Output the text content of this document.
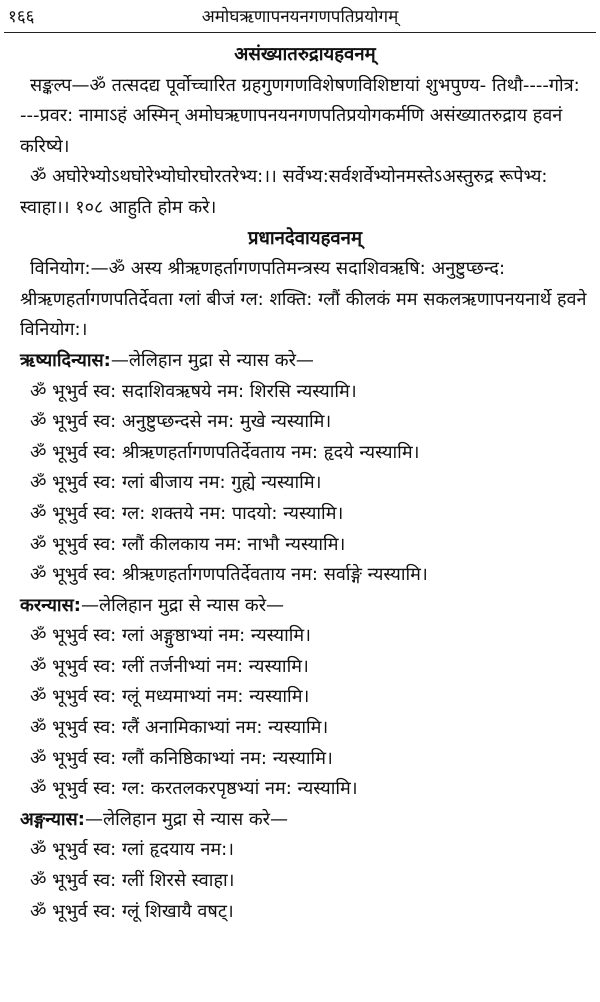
१६६	अमोघऋणापनयनगणपतिप्रयोगम्
असंख्यातरुद्रायहवनम्

सङ्कल्प—ॐ तत्सदद्य पूर्वोच्चारित ग्रहगुणगणविशेषणविशिष्टायां शुभपुण्य- तिथौ----गोत्र: ---प्रवर: नामाऽहं अस्मिन् अमोघऋणापनयनगणपतिप्रयोगकर्मणि असंख्यातरुद्राय हवनं करिष्ये।

ॐ अघोरेभ्योऽथघोरेभ्योघोरघोरतरेभ्य:।। सर्वेभ्य:सर्वशर्वेभ्योनमस्तेऽअस्तुरुद्र रूपेभ्य: स्वाहा।। १०८ आहुति होम करे।

प्रधानदेवायहवनम्

विनियोग:—ॐ अस्य श्रीऋणहर्तागणपतिमन्त्रस्य सदाशिवऋषि: अनुष्टुप्छन्द: श्रीऋणहर्तागणपतिर्देवता ग्लां बीजं ग्ल: शक्ति: ग्लौं कीलकं मम सकलऋणापनयनार्थे हवने विनियोग:।

ऋष्यादिन्यास:—लेलिहान मुद्रा से न्यास करे—
ॐ भूभुर्व स्व: सदाशिवऋषये नम: शिरसि न्यस्यामि।
ॐ भूभुर्व स्व: अनुष्टुप्छन्दसे नम: मुखे न्यस्यामि।
ॐ भूभुर्व स्व: श्रीऋणहर्तागणपतिर्देवताय नम: हृदये न्यस्यामि।
ॐ भूभुर्व स्व: ग्लां बीजाय नम: गुह्ये न्यस्यामि।
ॐ भूभुर्व स्व: ग्ल: शक्तये नम: पादयो: न्यस्यामि।
ॐ भूभुर्व स्व: ग्लौं कीलकाय नम: नाभौ न्यस्यामि।
ॐ भूभुर्व स्व: श्रीऋणहर्तागणपतिर्देवताय नम: सर्वाङ्गे न्यस्यामि।
करन्यास:—लेलिहान मुद्रा से न्यास करे—
ॐ भूभुर्व स्व: ग्लां अङ्गुष्ठाभ्यां नम: न्यस्यामि।
ॐ भूभुर्व स्व: ग्लीं तर्जनीभ्यां नम: न्यस्यामि।
ॐ भूभुर्व स्व: ग्लूं मध्यमाभ्यां नम: न्यस्यामि।
ॐ भूभुर्व स्व: ग्लैं अनामिकाभ्यां नम: न्यस्यामि।
ॐ भूभुर्व स्व: ग्लौं कनिष्ठिकाभ्यां नम: न्यस्यामि।
ॐ भूभुर्व स्व: ग्ल: करतलकरपृष्ठभ्यां नम: न्यस्यामि।
अङ्गन्यास:—लेलिहान मुद्रा से न्यास करे—
ॐ भूभुर्व स्व: ग्लां हृदयाय नम:।
ॐ भूभुर्व स्व: ग्लीं शिरसे स्वाहा।
ॐ भूभुर्व स्व: ग्लूं शिखायै वषट्।
